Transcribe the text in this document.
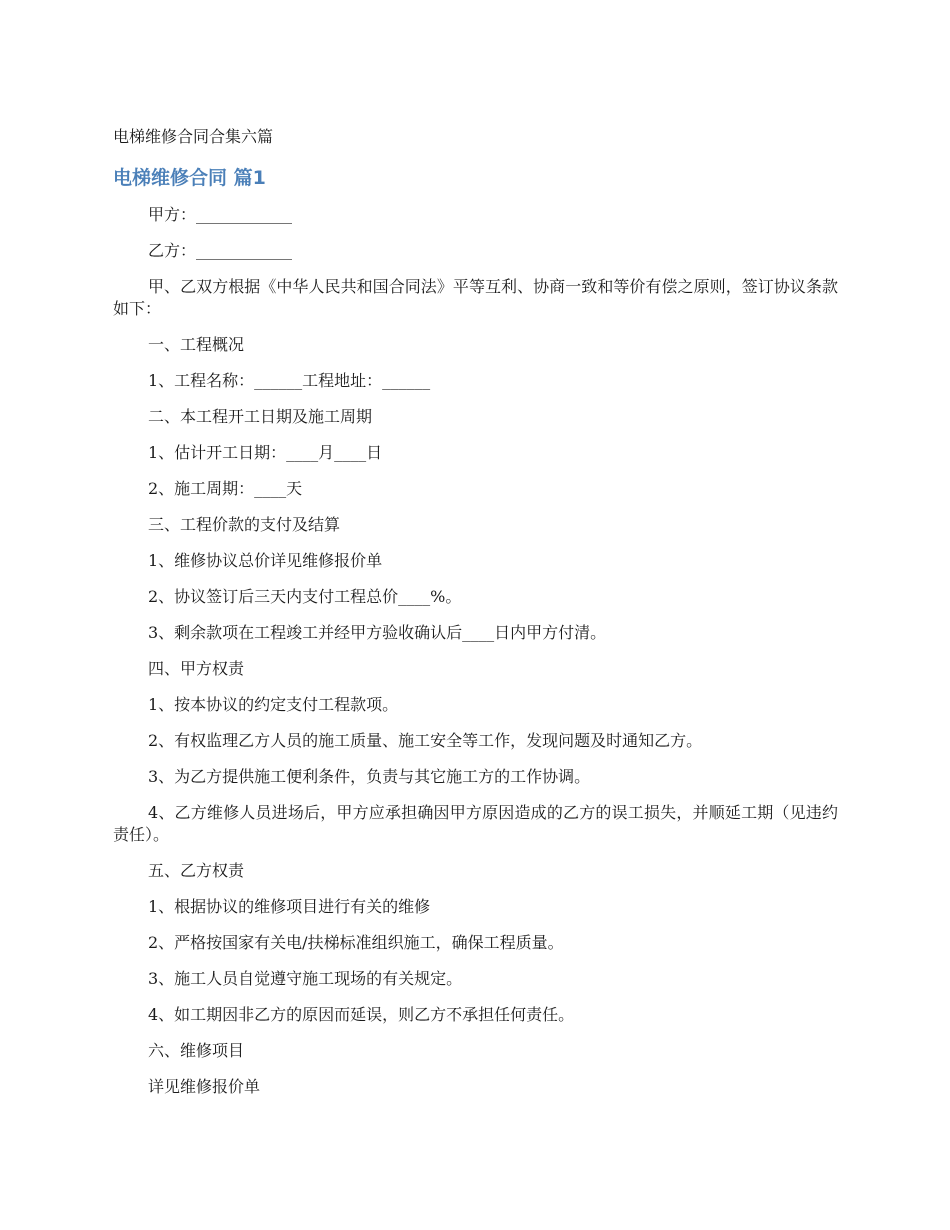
电梯维修合同合集六篇
电梯维修合同 篇1

甲方：____________

乙方：____________

甲、乙双方根据《中华人民共和国合同法》平等互利、协商一致和等价有偿之原则，签订协议条款如下：

一、工程概况

1、工程名称：______工程地址：______

二、本工程开工日期及施工周期

1、估计开工日期：____月____日

2、施工周期：____天

三、工程价款的支付及结算

1、维修协议总价详见维修报价单

2、协议签订后三天内支付工程总价____%。

3、剩余款项在工程竣工并经甲方验收确认后____日内甲方付清。

四、甲方权责

1、按本协议的约定支付工程款项。

2、有权监理乙方人员的施工质量、施工安全等工作，发现问题及时通知乙方。

3、为乙方提供施工便利条件，负责与其它施工方的工作协调。

4、乙方维修人员进场后，甲方应承担确因甲方原因造成的乙方的误工损失，并顺延工期（见违约责任）。

五、乙方权责

1、根据协议的维修项目进行有关的维修

2、严格按国家有关电/扶梯标准组织施工，确保工程质量。

3、施工人员自觉遵守施工现场的有关规定。

4、如工期因非乙方的原因而延误，则乙方不承担任何责任。

六、维修项目

详见维修报价单
